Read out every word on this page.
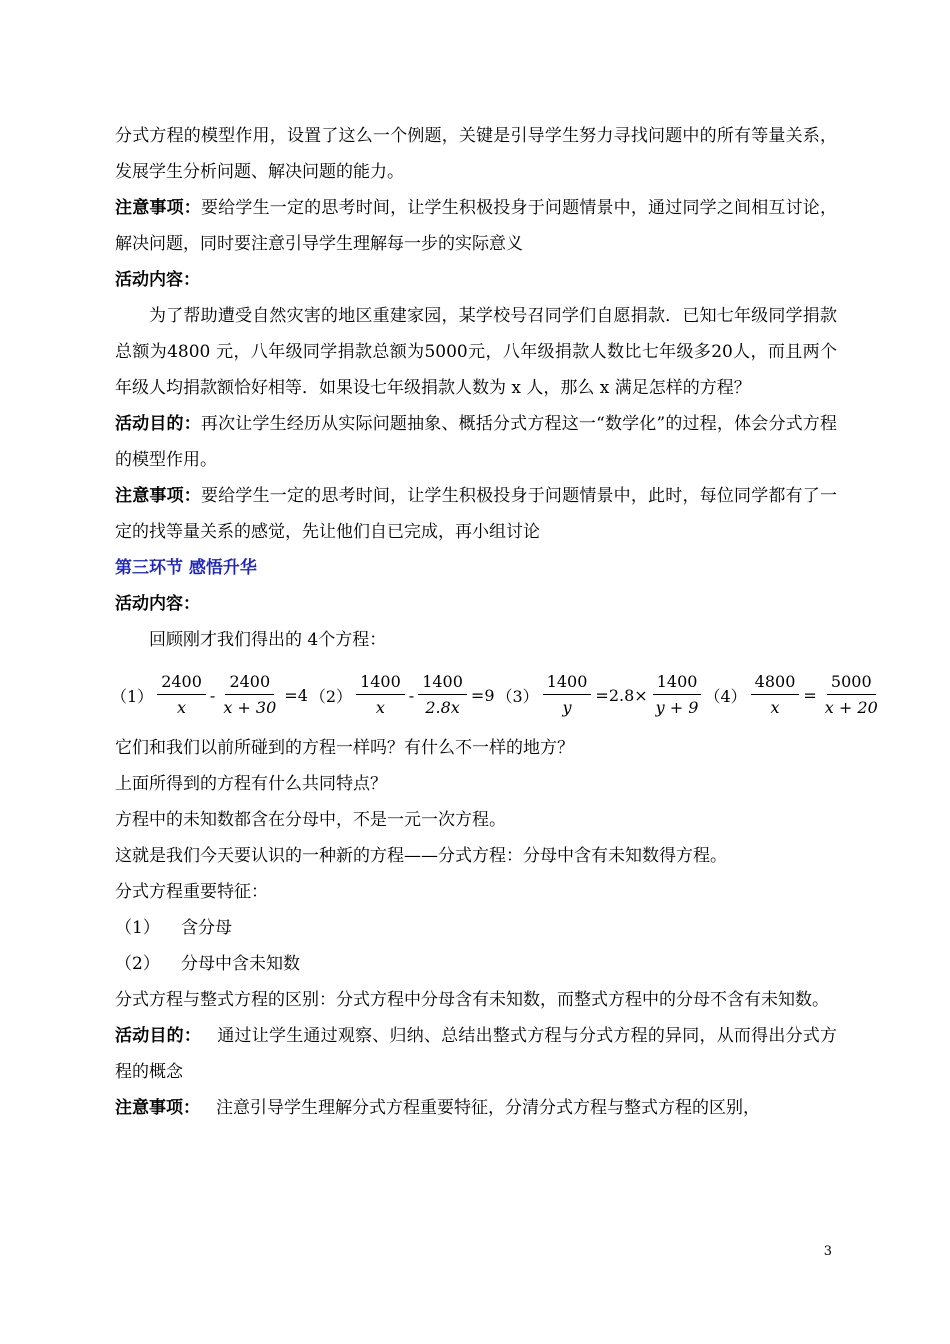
分式方程的模型作用，设置了这么一个例题，关键是引导学生努力寻找问题中的所有等量关系，发展学生分析问题、解决问题的能力。

注意事项：要给学生一定的思考时间，让学生积极投身于问题情景中，通过同学之间相互讨论，解决问题，同时要注意引导学生理解每一步的实际意义

活动内容：

为了帮助遭受自然灾害的地区重建家园，某学校号召同学们自愿捐款．已知七年级同学捐款总额为4800 元，八年级同学捐款总额为5000元，八年级捐款人数比七年级多20人，而且两个年级人均捐款额恰好相等．如果设七年级捐款人数为 x 人，那么 x 满足怎样的方程？

活动目的：再次让学生经历从实际问题抽象、概括分式方程这一“数学化”的过程，体会分式方程的模型作用。

注意事项：要给学生一定的思考时间，让学生积极投身于问题情景中，此时，每位同学都有了一定的找等量关系的感觉，先让他们自已完成，再小组讨论

第三环节 感悟升华

活动内容：

回顾刚才我们得出的 4个方程：

$(1) \frac{2400}{x} - \frac{2400}{x + 30} =4$ $(2) \frac{1400}{x} - \frac{1400}{2.8x} =9$ $(3) \frac{1400}{y} =2.8\times \frac{1400}{y + 9} (4) \frac{4800}{x} = \frac{5000}{x + 20}$

它们和我们以前所碰到的方程一样吗？有什么不一样的地方？

上面所得到的方程有什么共同特点？

方程中的未知数都含在分母中，不是一元一次方程。

这就是我们今天要认识的一种新的方程——分式方程：分母中含有未知数得方程。

分式方程重要特征：

（1） 含分母

（2） 分母中含未知数

分式方程与整式方程的区别：分式方程中分母含有未知数，而整式方程中的分母不含有未知数。

活动目的： 通过让学生通过观察、归纳、总结出整式方程与分式方程的异同，从而得出分式方程的概念

注意事项： 注意引导学生理解分式方程重要特征，分清分式方程与整式方程的区别，

3
